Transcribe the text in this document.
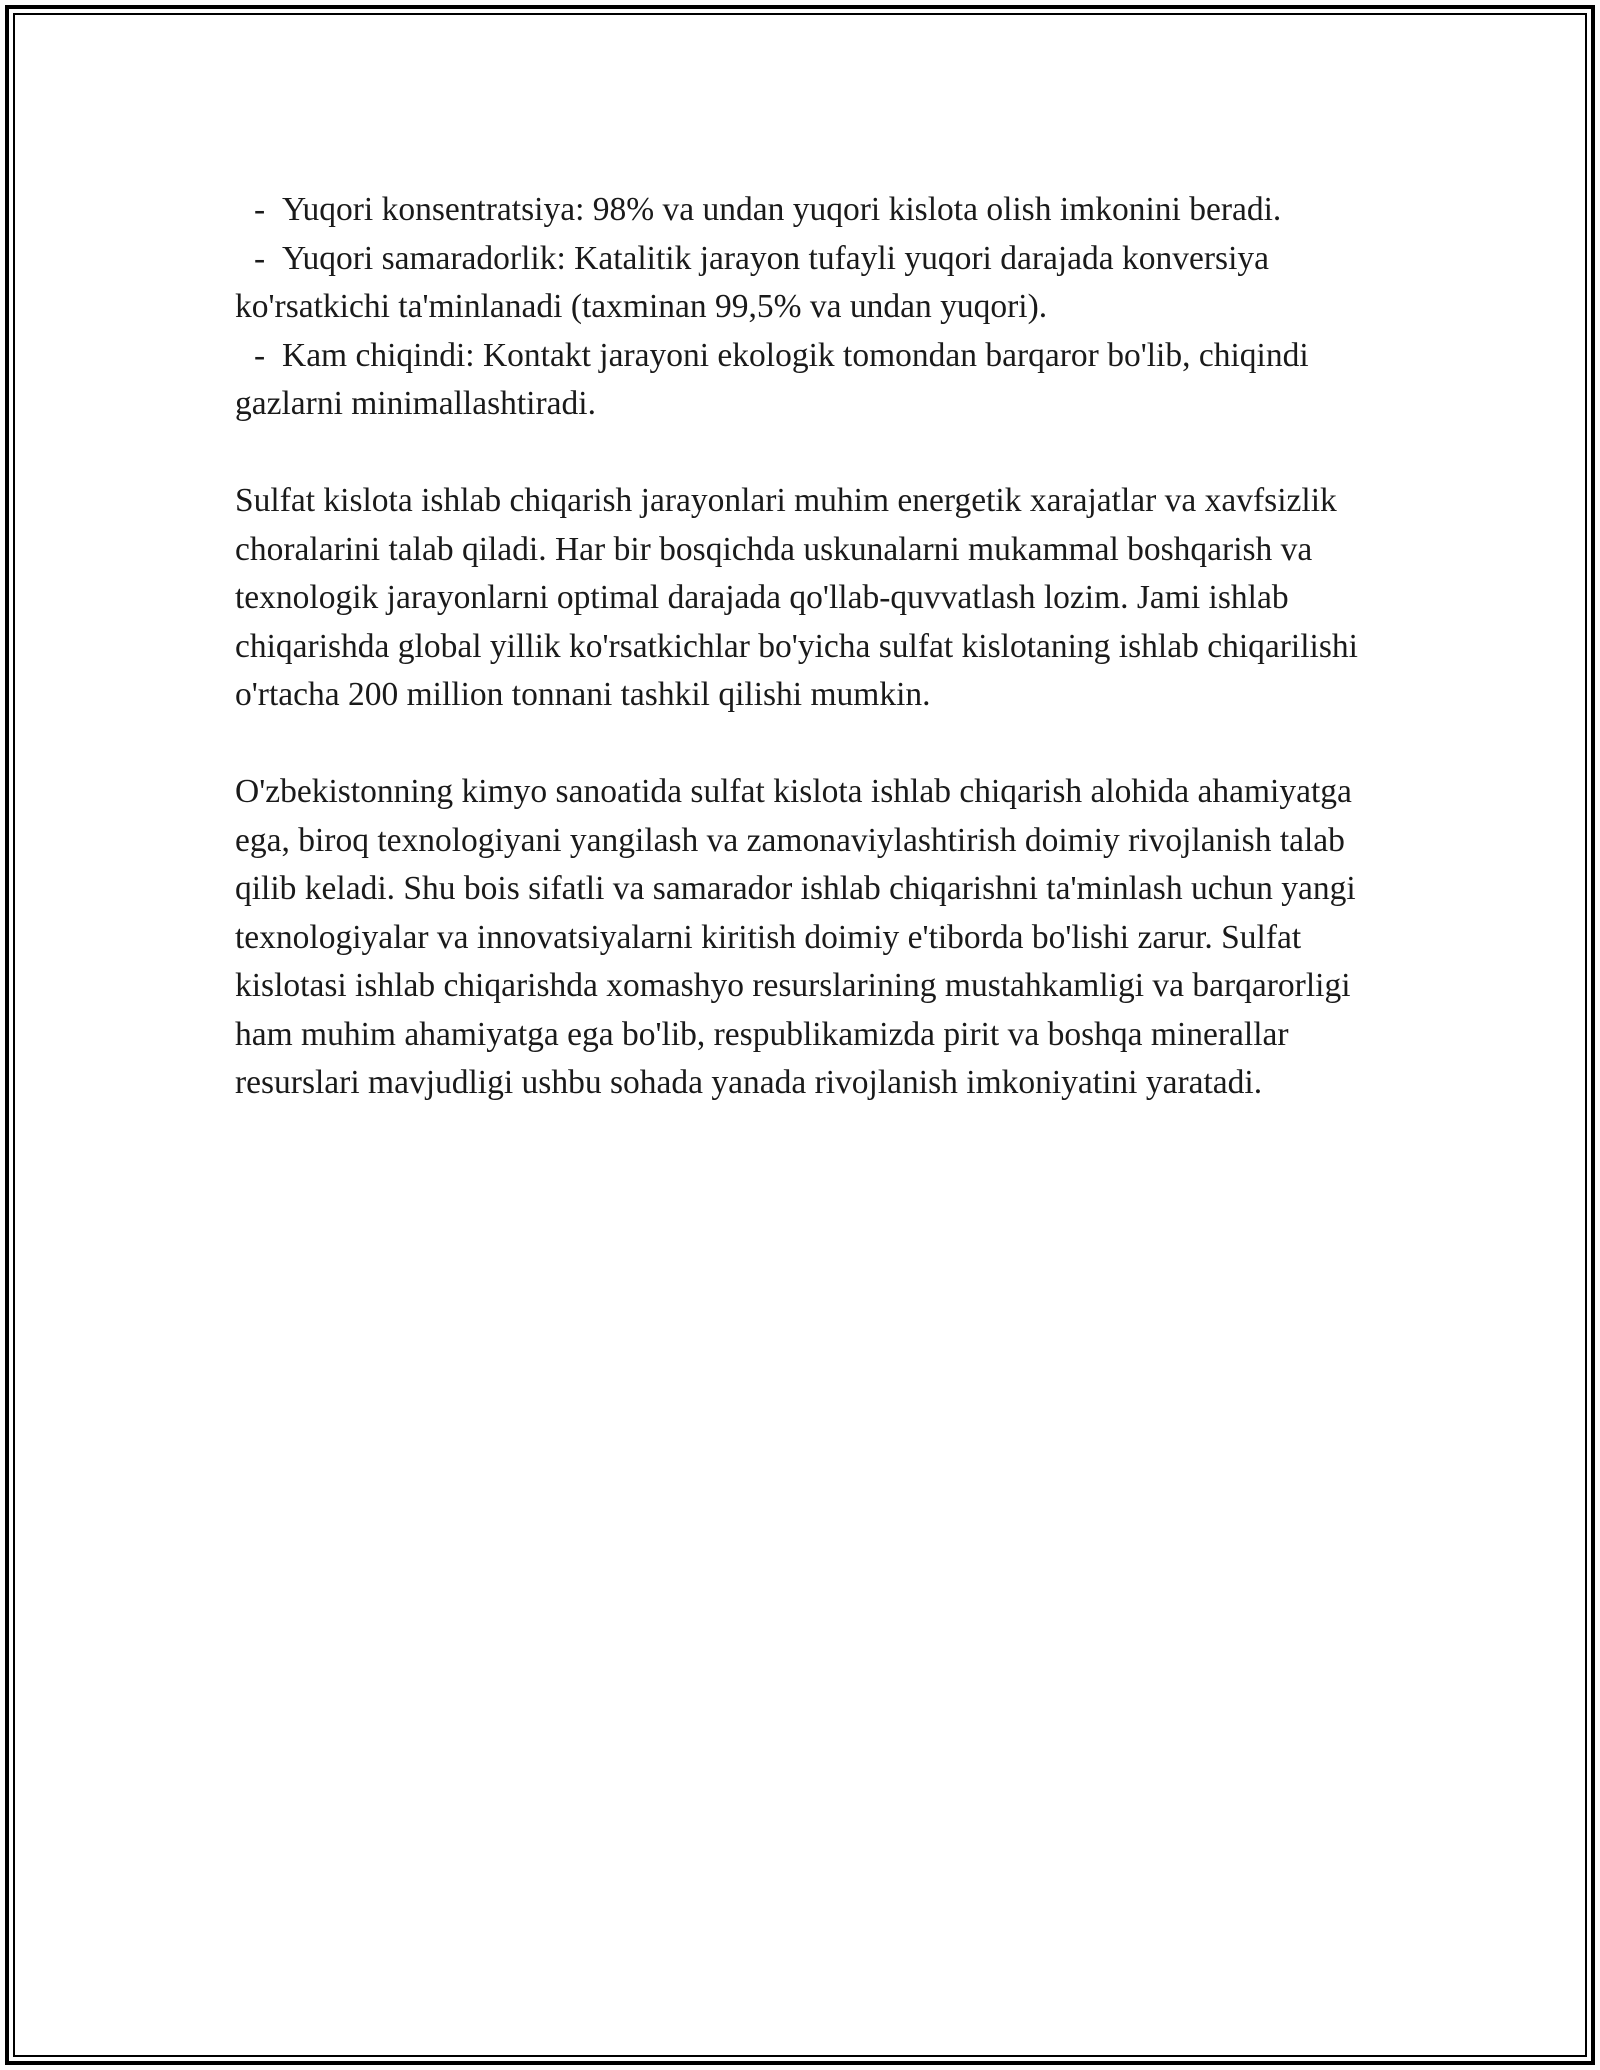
- Yuqori konsentratsiya: 98% va undan yuqori kislota olish imkonini beradi.

- Yuqori samaradorlik: Katalitik jarayon tufayli yuqori darajada konversiya ko'rsatkichi ta'minlanadi (taxminan 99,5% va undan yuqori).

- Kam chiqindi: Kontakt jarayoni ekologik tomondan barqaror bo'lib, chiqindi gazlarni minimallashtiradi.

Sulfat kislota ishlab chiqarish jarayonlari muhim energetik xarajatlar va xavfsizlik choralarini talab qiladi. Har bir bosqichda uskunalarni mukammal boshqarish va texnologik jarayonlarni optimal darajada qo'llab-quvvatlash lozim. Jami ishlab chiqarishda global yillik ko'rsatkichlar bo'yicha sulfat kislotaning ishlab chiqarilishi o'rtacha 200 million tonnani tashkil qilishi mumkin.

O'zbekistonning kimyo sanoatida sulfat kislota ishlab chiqarish alohida ahamiyatga ega, biroq texnologiyani yangilash va zamonaviylashtirish doimiy rivojlanish talab qilib keladi. Shu bois sifatli va samarador ishlab chiqarishni ta'minlash uchun yangi texnologiyalar va innovatsiyalarni kiritish doimiy e'tiborda bo'lishi zarur. Sulfat kislotasi ishlab chiqarishda xomashyo resurslarining mustahkamligi va barqarorligi ham muhim ahamiyatga ega bo'lib, respublikamizda pirit va boshqa minerallar resurslari mavjudligi ushbu sohada yanada rivojlanish imkoniyatini yaratadi.
